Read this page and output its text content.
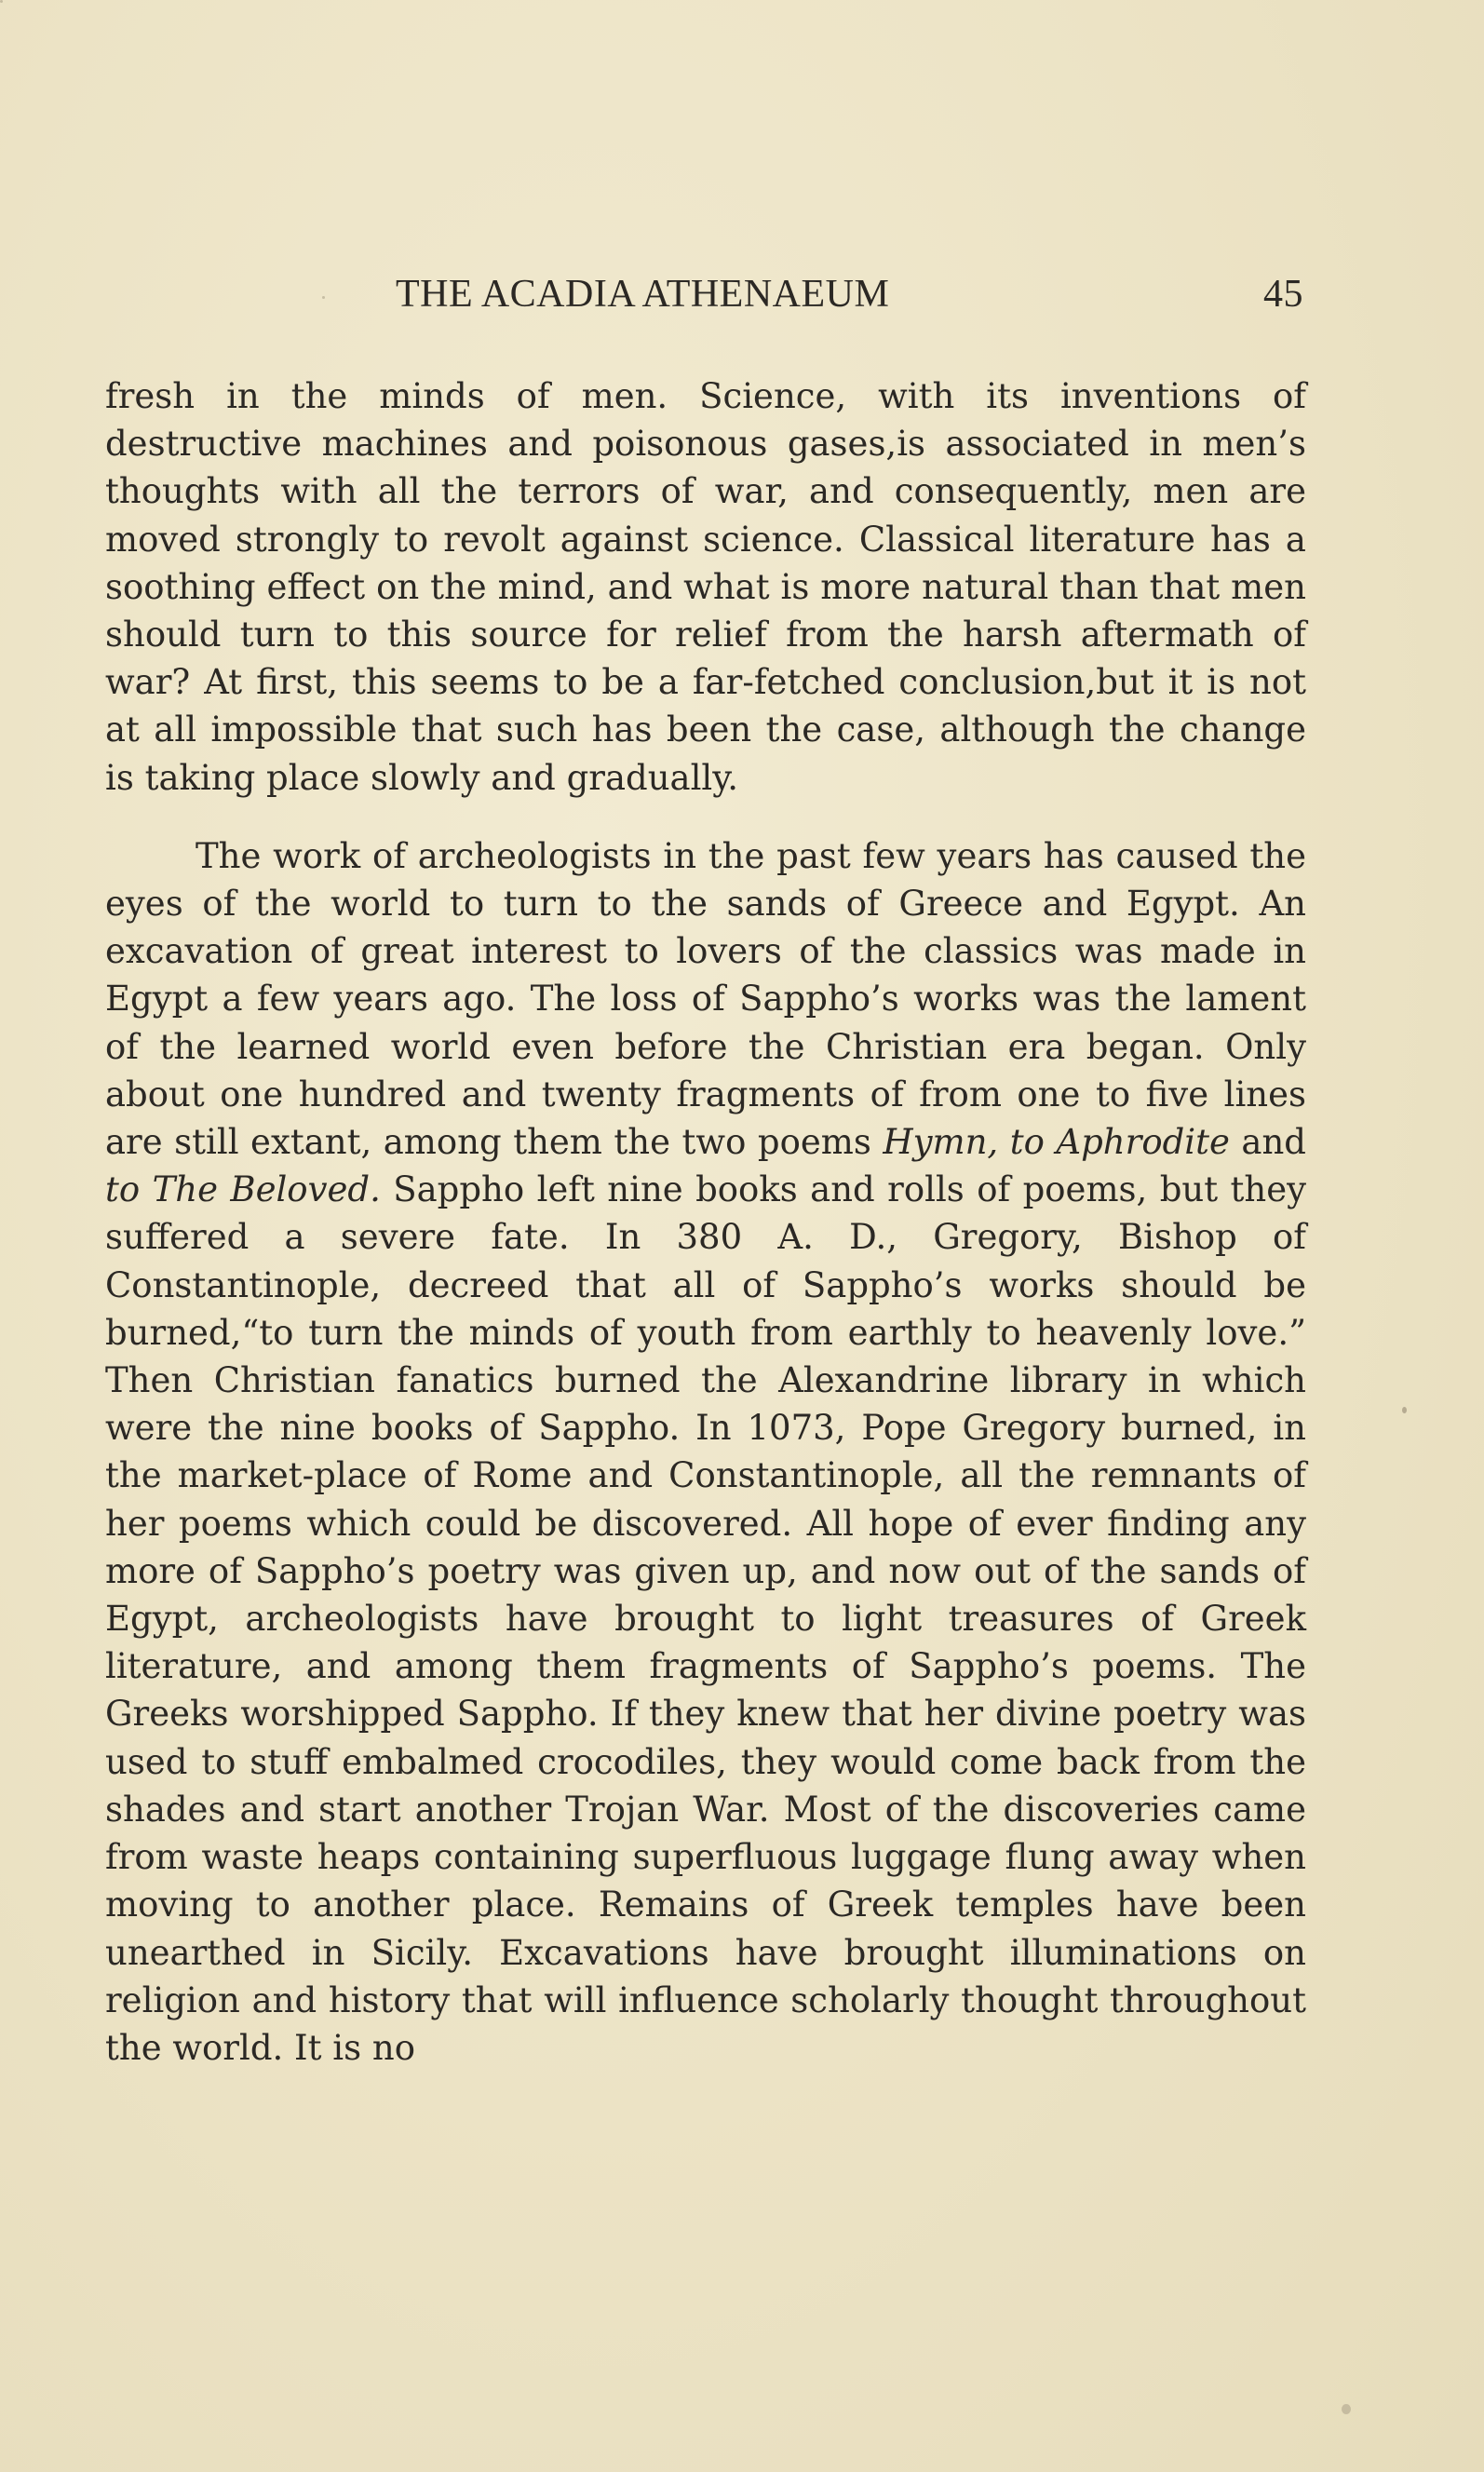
THE ACADIA ATHENAEUM	45

fresh in the minds of men. Science, with its inventions of destructive machines and poisonous gases,is associated in men’s thoughts with all the terrors of war, and consequently, men are moved strongly to revolt against science. Classical literature has a soothing effect on the mind, and what is more natural than that men should turn to this source for relief from the harsh aftermath of war? At first, this seems to be a far-fetched conclusion,but it is not at all impossible that such has been the case, although the change is taking place slowly and gradually.

The work of archeologists in the past few years has caused the eyes of the world to turn to the sands of Greece and Egypt. An excavation of great interest to lovers of the classics was made in Egypt a few years ago. The loss of Sappho’s works was the lament of the learned world even before the Christian era began. Only about one hundred and twenty fragments of from one to five lines are still extant, among them the two poems Hymn, to Aphrodite and to The Beloved. Sappho left nine books and rolls of poems, but they suffered a severe fate. In 380 A. D., Gregory, Bishop of Constantinople, decreed that all of Sappho’s works should be burned,“to turn the minds of youth from earthly to heavenly love.” Then Christian fanatics burned the Alexandrine library in which were the nine books of Sappho. In 1073, Pope Gregory burned, in the market-place of Rome and Constantinople, all the remnants of her poems which could be discovered. All hope of ever finding any more of Sappho’s poetry was given up, and now out of the sands of Egypt, archeologists have brought to light treasures of Greek literature, and among them fragments of Sappho’s poems. The Greeks worshipped Sappho. If they knew that her divine poetry was used to stuff embalmed crocodiles, they would come back from the shades and start another Trojan War. Most of the discoveries came from waste heaps containing superfluous luggage flung away when moving to another place. Remains of Greek temples have been unearthed in Sicily. Excavations have brought illuminations on religion and history that will influence scholarly thought throughout the world. It is no
